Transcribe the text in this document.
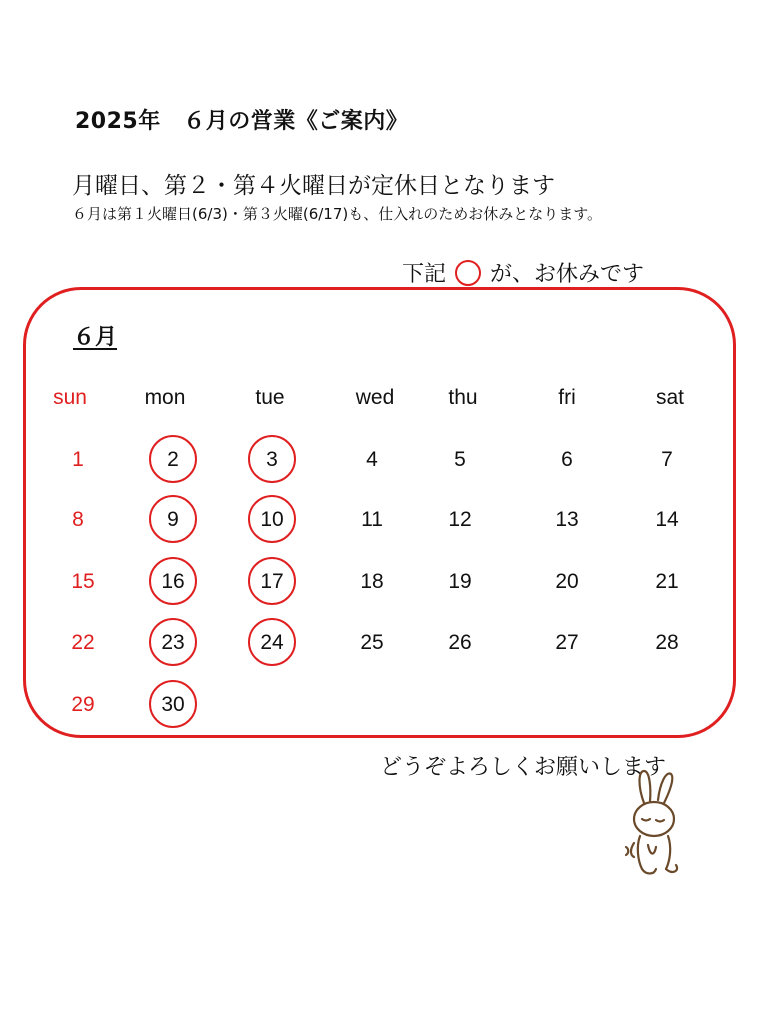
2025年　６月の営業《ご案内》
月曜日、第２・第４火曜日が定休日となります
６月は第１火曜日(6/3)・第３火曜(6/17)も、仕入れのためお休みとなります。
下記 が、お休みです
６月
sun	mon	tue	wed	thu	fri	sat
1	2	3	4	5	6	7
8	9	10	11	12	13	14
15	16	17	18	19	20	21
22	23	24	25	26	27	28
29	30
どうぞよろしくお願いします
